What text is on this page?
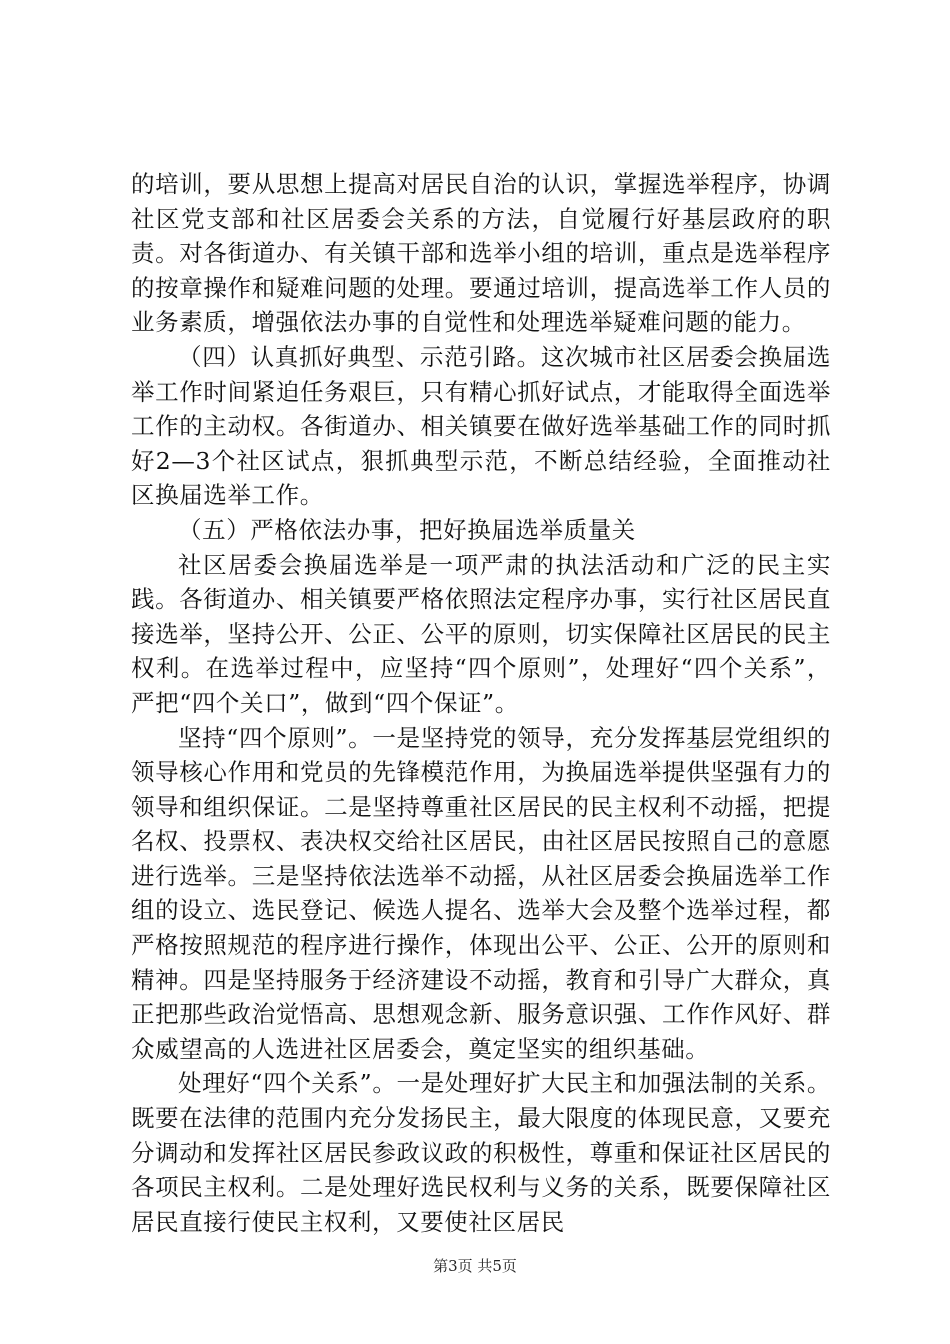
的培训，要从思想上提高对居民自治的认识，掌握选举程序，协调社区党支部和社区居委会关系的方法，自觉履行好基层政府的职责。对各街道办、有关镇干部和选举小组的培训，重点是选举程序的按章操作和疑难问题的处理。要通过培训，提高选举工作人员的业务素质，增强依法办事的自觉性和处理选举疑难问题的能力。

（四）认真抓好典型、示范引路。这次城市社区居委会换届选举工作时间紧迫任务艰巨，只有精心抓好试点，才能取得全面选举工作的主动权。各街道办、相关镇要在做好选举基础工作的同时抓好2—3个社区试点，狠抓典型示范，不断总结经验，全面推动社区换届选举工作。

（五）严格依法办事，把好换届选举质量关

社区居委会换届选举是一项严肃的执法活动和广泛的民主实践。各街道办、相关镇要严格依照法定程序办事，实行社区居民直接选举，坚持公开、公正、公平的原则，切实保障社区居民的民主权利。在选举过程中，应坚持“四个原则”，处理好“四个关系”，严把“四个关口”，做到“四个保证”。

坚持“四个原则”。一是坚持党的领导，充分发挥基层党组织的领导核心作用和党员的先锋模范作用，为换届选举提供坚强有力的领导和组织保证。二是坚持尊重社区居民的民主权利不动摇，把提名权、投票权、表决权交给社区居民，由社区居民按照自己的意愿进行选举。三是坚持依法选举不动摇，从社区居委会换届选举工作组的设立、选民登记、候选人提名、选举大会及整个选举过程，都严格按照规范的程序进行操作，体现出公平、公正、公开的原则和精神。四是坚持服务于经济建设不动摇，教育和引导广大群众，真正把那些政治觉悟高、思想观念新、服务意识强、工作作风好、群众威望高的人选进社区居委会，奠定坚实的组织基础。

处理好“四个关系”。一是处理好扩大民主和加强法制的关系。既要在法律的范围内充分发扬民主，最大限度的体现民意，又要充分调动和发挥社区居民参政议政的积极性，尊重和保证社区居民的各项民主权利。二是处理好选民权利与义务的关系，既要保障社区居民直接行使民主权利，又要使社区居民

第3页 共5页
